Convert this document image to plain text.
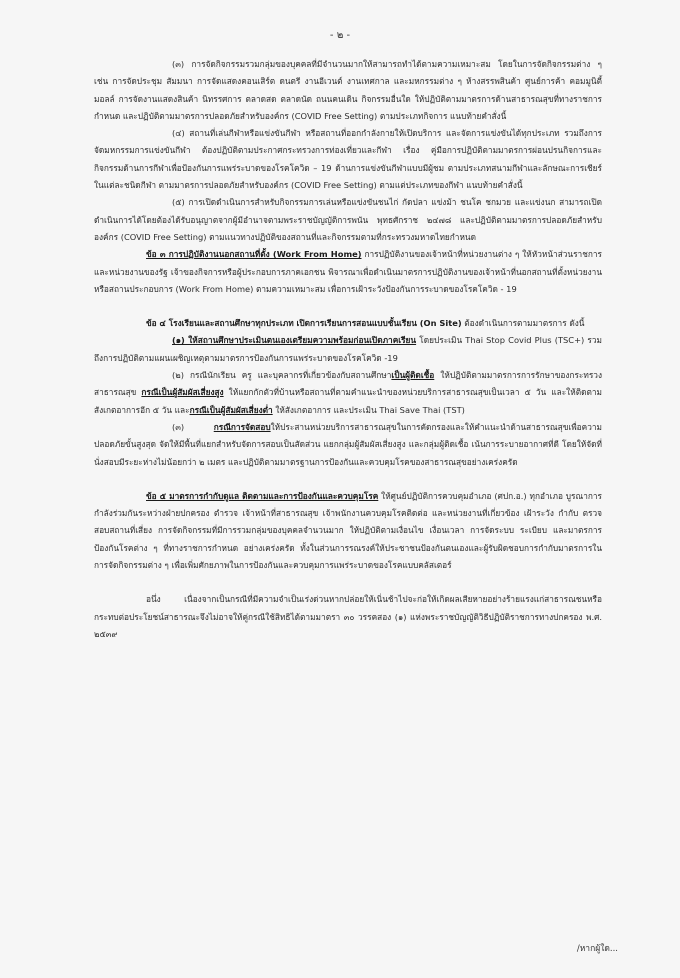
- ๒ -

(๓) การจัดกิจกรรมรวมกลุ่มของบุคคลที่มีจำนวนมากให้สามารถทำได้ตามความเหมาะสม โดยในการจัดกิจกรรมต่าง ๆ เช่น การจัดประชุม สัมมนา การจัดแสดงคอนเสิร์ต ดนตรี งานอีเวนต์ งานเทศกาล และมหกรรมต่าง ๆ ห้างสรรพสินค้า ศูนย์การค้า คอมมูนิตี้มอลล์ การจัดงานแสดงสินค้า นิทรรศการ ตลาดสด ตลาดนัด ถนนคนเดิน กิจกรรมอื่นใด ให้ปฏิบัติตามมาตรการด้านสาธารณสุขที่ทางราชการกำหนด และปฏิบัติตามมาตรการปลอดภัยสำหรับองค์กร (COVID Free Setting) ตามประเภทกิจการ แนบท้ายคำสั่งนี้

(๔) สถานที่เล่นกีฬาหรือแข่งขันกีฬา หรือสถานที่ออกกำลังกายให้เปิดบริการ และจัดการแข่งขันได้ทุกประเภท รวมถึงการจัดมหกรรมการแข่งขันกีฬา ต้องปฏิบัติตามประกาศกระทรวงการท่องเที่ยวและกีฬา เรื่อง คู่มือการปฏิบัติตามมาตรการผ่อนปรนกิจการและกิจกรรมด้านการกีฬาเพื่อป้องกันการแพร่ระบาดของโรคโควิด – 19 ด้านการแข่งขันกีฬาแบบมีผู้ชม ตามประเภทสนามกีฬาและลักษณะการเชียร์ในแต่ละชนิดกีฬา ตามมาตรการปลอดภัยสำหรับองค์กร (COVID Free Setting) ตามแต่ประเภทของกีฬา แนบท้ายคำสั่งนี้

(๕) การเปิดดำเนินการสำหรับกิจกรรมการเล่นหรือแข่งขันชนไก่ กัดปลา แข่งม้า ชนโค ชกมวย และแข่งนก สามารถเปิดดำเนินการได้โดยต้องได้รับอนุญาตจากผู้มีอำนาจตามพระราชบัญญัติการพนัน พุทธศักราช ๒๔๗๘ และปฏิบัติตามมาตรการปลอดภัยสำหรับองค์กร (COVID Free Setting) ตามแนวทางปฏิบัติของสถานที่และกิจกรรมตามที่กระทรวงมหาดไทยกำหนด

ข้อ ๓ การปฏิบัติงานนอกสถานที่ตั้ง (Work From Home) การปฏิบัติงานของเจ้าหน้าที่หน่วยงานต่าง ๆ ให้หัวหน้าส่วนราชการและหน่วยงานของรัฐ เจ้าของกิจการหรือผู้ประกอบการภาคเอกชน พิจารณาเพื่อดำเนินมาตรการปฏิบัติงานของเจ้าหน้าที่นอกสถานที่ตั้งหน่วยงานหรือสถานประกอบการ (Work From Home) ตามความเหมาะสม เพื่อการเฝ้าระวังป้องกันการระบาดของโรคโควิด - 19

ข้อ ๔ โรงเรียนและสถานศึกษาทุกประเภท เปิดการเรียนการสอนแบบชั้นเรียน (On Site) ต้องดำเนินการตามมาตรการ ดังนี้

(๑) ให้สถานศึกษาประเมินตนเองเตรียมความพร้อมก่อนเปิดภาคเรียน โดยประเมิน Thai Stop Covid Plus (TSC+) รวมถึงการปฏิบัติตามแผนเผชิญเหตุตามมาตรการป้องกันการแพร่ระบาดของโรคโควิด -19

(๒) กรณีนักเรียน ครู และบุคลากรที่เกี่ยวข้องกับสถานศึกษาเป็นผู้ติดเชื้อ ให้ปฏิบัติตามมาตรการการรักษาของกระทรวงสาธารณสุข กรณีเป็นผู้สัมผัสเสี่ยงสูง ให้แยกกักตัวที่บ้านหรือสถานที่ตามคำแนะนำของหน่วยบริการสาธารณสุขเป็นเวลา ๕ วัน และให้ติดตามสังเกตอาการอีก ๕ วัน และกรณีเป็นผู้สัมผัสเสี่ยงต่ำ ให้สังเกตอาการ และประเมิน Thai Save Thai (TST)

(๓) กรณีการจัดสอบให้ประสานหน่วยบริการสาธารณสุขในการคัดกรองและให้คำแนะนำด้านสาธารณสุขเพื่อความปลอดภัยขั้นสูงสุด จัดให้มีพื้นที่แยกสำหรับจัดการสอบเป็นสัดส่วน แยกกลุ่มผู้สัมผัสเสี่ยงสูง และกลุ่มผู้ติดเชื้อ เน้นการระบายอากาศที่ดี โดยให้จัดที่นั่งสอบมีระยะห่างไม่น้อยกว่า ๒ เมตร และปฏิบัติตามมาตรฐานการป้องกันและควบคุมโรคของสาธารณสุขอย่างเคร่งครัด

ข้อ ๕ มาตรการกำกับดูแล ติดตามและการป้องกันและควบคุมโรค ให้ศูนย์ปฏิบัติการควบคุมอำเภอ (ศปก.อ.) ทุกอำเภอ บูรณาการกำลังร่วมกันระหว่างฝ่ายปกครอง ตำรวจ เจ้าหน้าที่สาธารณสุข เจ้าพนักงานควบคุมโรคติดต่อ และหน่วยงานที่เกี่ยวข้อง เฝ้าระวัง กำกับ ตรวจสอบสถานที่เสี่ยง การจัดกิจกรรมที่มีการรวมกลุ่มของบุคคลจำนวนมาก ให้ปฏิบัติตามเงื่อนไข เงื่อนเวลา การจัดระบบ ระเบียบ และมาตรการป้องกันโรคต่าง ๆ ที่ทางราชการกำหนด อย่างเคร่งครัด ทั้งในส่วนการรณรงค์ให้ประชาชนป้องกันตนเองและผู้รับผิดชอบการกำกับมาตรการในการจัดกิจกรรมต่าง ๆ เพื่อเพิ่มศักยภาพในการป้องกันและควบคุมการแพร่ระบาดของโรคแบบคลัสเตอร์

อนึ่ง เนื่องจากเป็นกรณีที่มีความจำเป็นเร่งด่วนหากปล่อยให้เนิ่นช้าไปจะก่อให้เกิดผลเสียหายอย่างร้ายแรงแก่สาธารณชนหรือกระทบต่อประโยชน์สาธารณะจึงไม่อาจให้คู่กรณีใช้สิทธิได้ตามมาตรา ๓๐ วรรคสอง (๑) แห่งพระราชบัญญัติวิธีปฏิบัติราชการทางปกครอง พ.ศ. ๒๕๓๙

/หากผู้ใด...
